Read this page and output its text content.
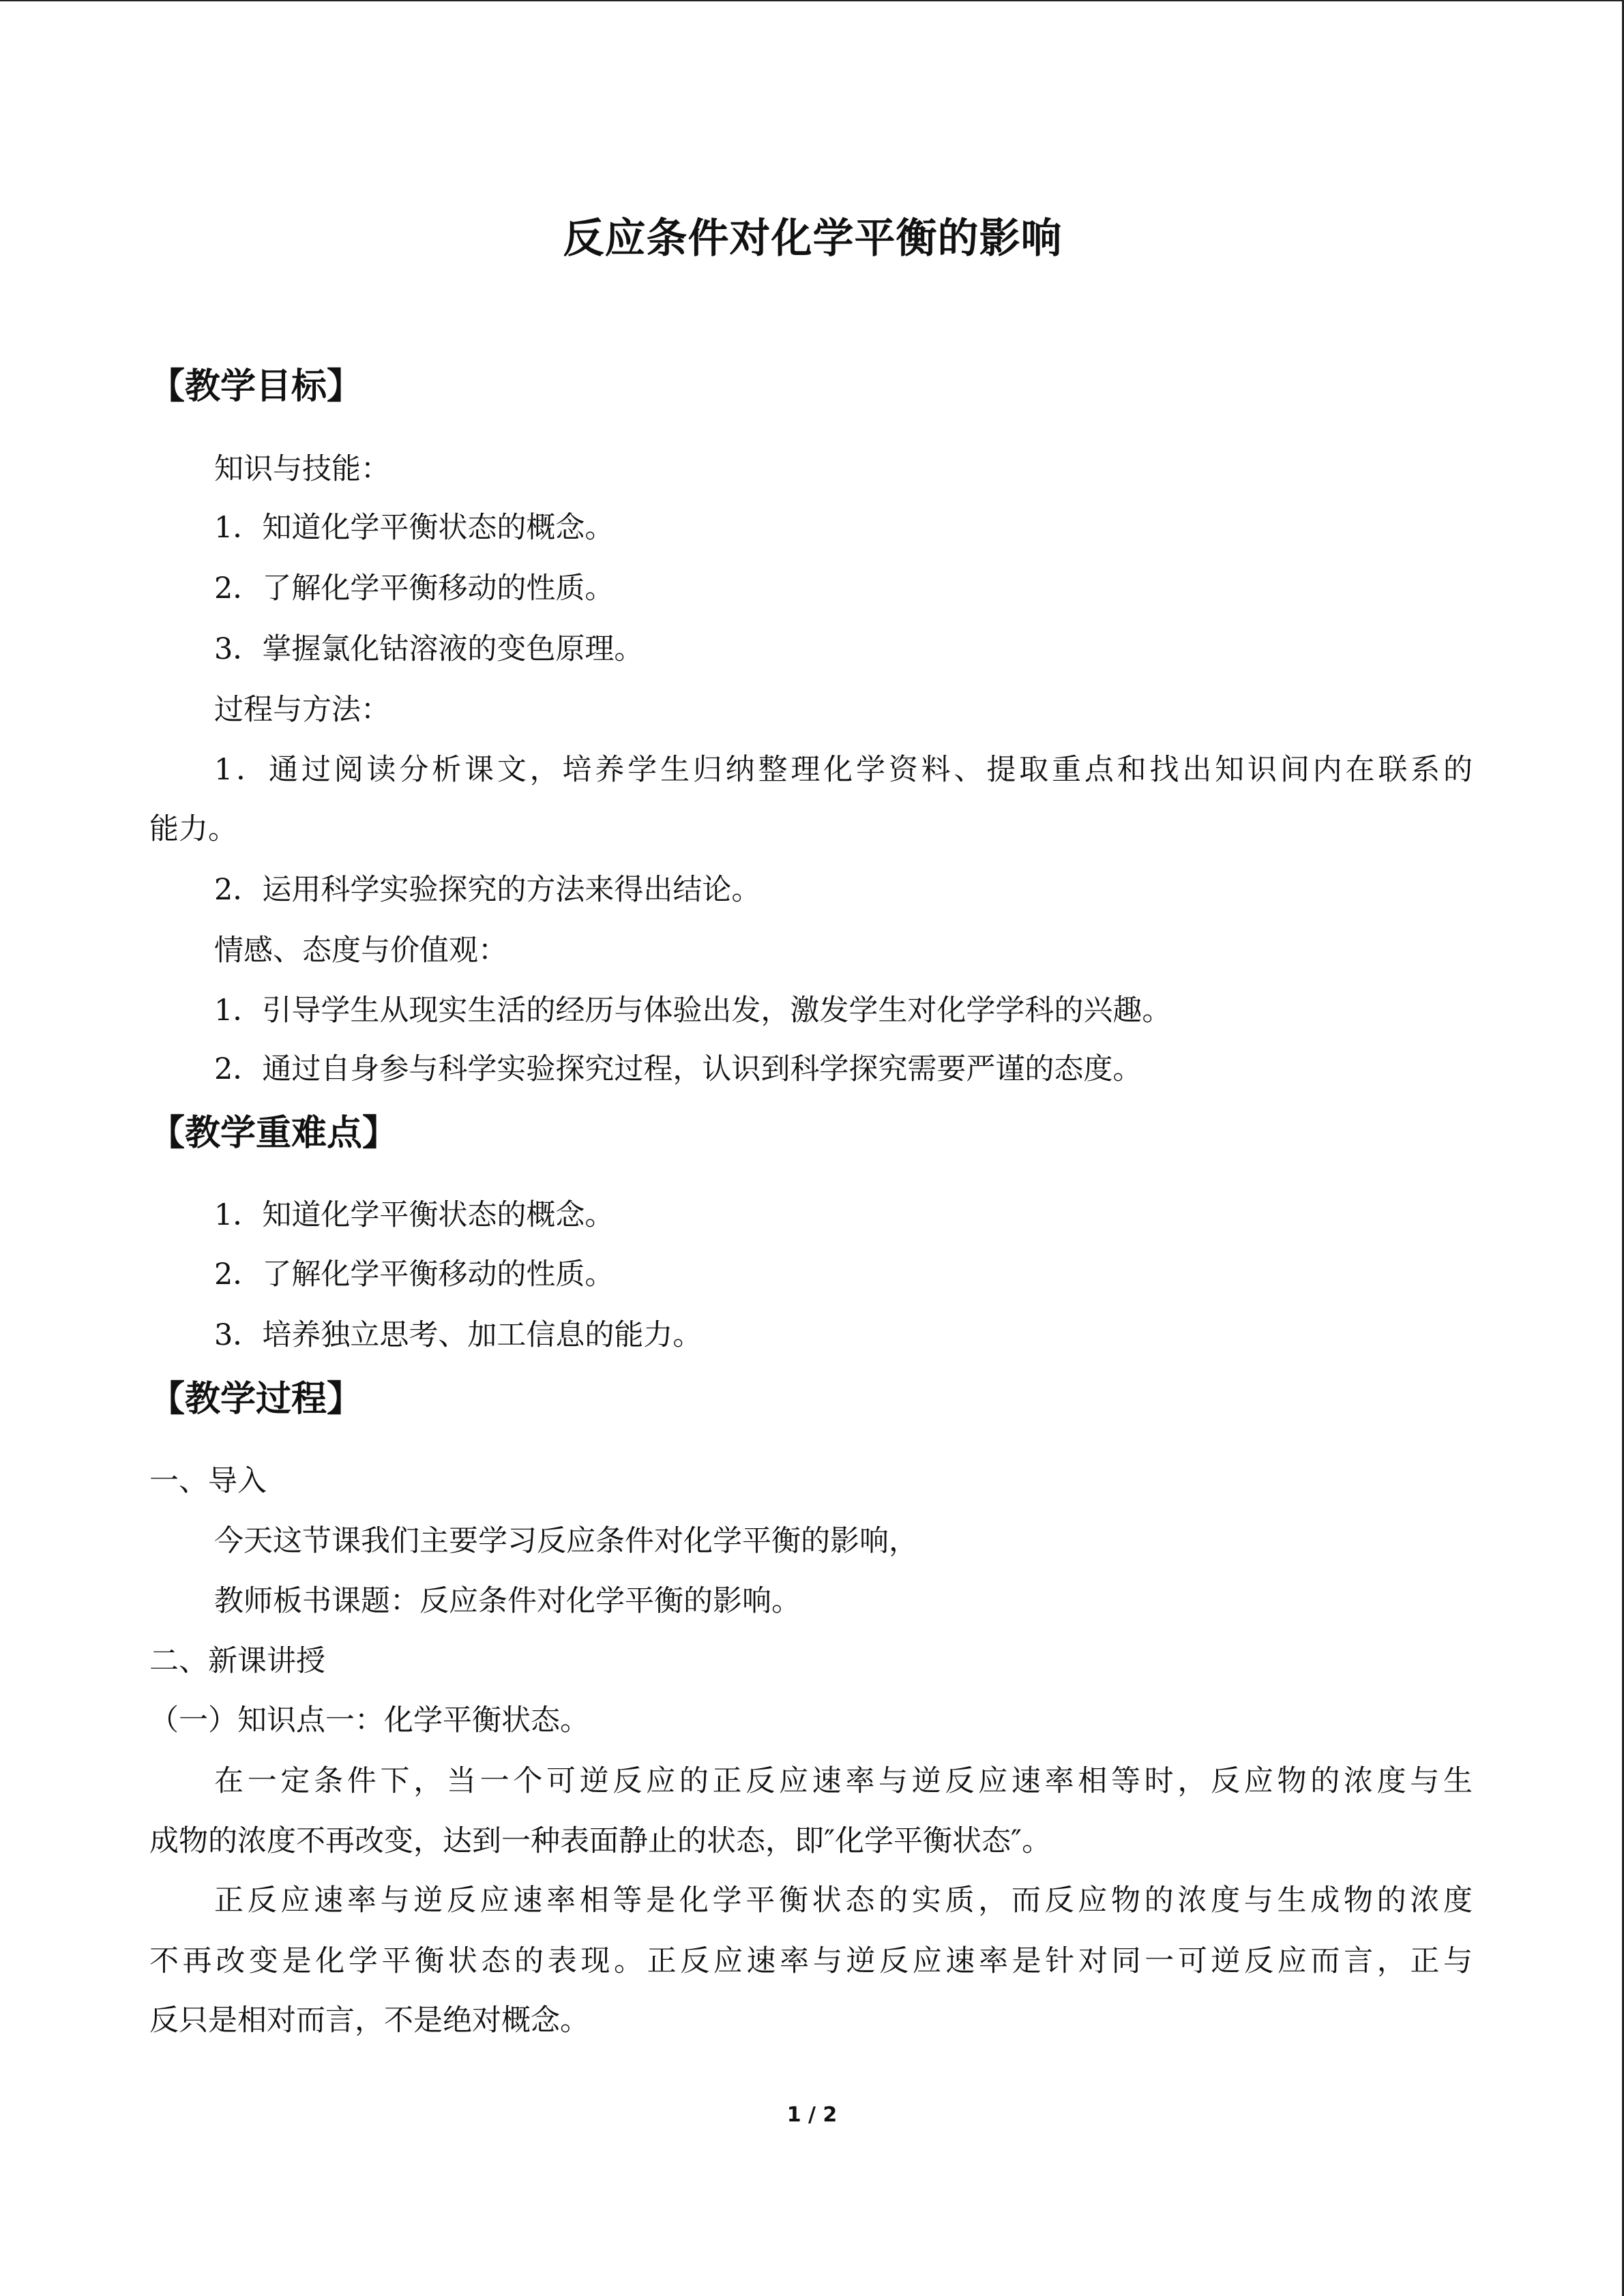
反应条件对化学平衡的影响
【教学目标】
知识与技能：
1．知道化学平衡状态的概念。
2．了解化学平衡移动的性质。
3．掌握氯化钴溶液的变色原理。
过程与方法：
1．通过阅读分析课文，培养学生归纳整理化学资料、提取重点和找出知识间内在联系的
能力。
2．运用科学实验探究的方法来得出结论。
情感、态度与价值观：
1．引导学生从现实生活的经历与体验出发，激发学生对化学学科的兴趣。
2．通过自身参与科学实验探究过程，认识到科学探究需要严谨的态度。
【教学重难点】
1．知道化学平衡状态的概念。
2．了解化学平衡移动的性质。
3．培养独立思考、加工信息的能力。
【教学过程】
一、导入
今天这节课我们主要学习反应条件对化学平衡的影响，
教师板书课题：反应条件对化学平衡的影响。
二、新课讲授
（一）知识点一：化学平衡状态。
在一定条件下，当一个可逆反应的正反应速率与逆反应速率相等时，反应物的浓度与生
成物的浓度不再改变，达到一种表面静止的状态，即″化学平衡状态″。
正反应速率与逆反应速率相等是化学平衡状态的实质，而反应物的浓度与生成物的浓度
不再改变是化学平衡状态的表现。正反应速率与逆反应速率是针对同一可逆反应而言，正与
反只是相对而言，不是绝对概念。
1 / 2
